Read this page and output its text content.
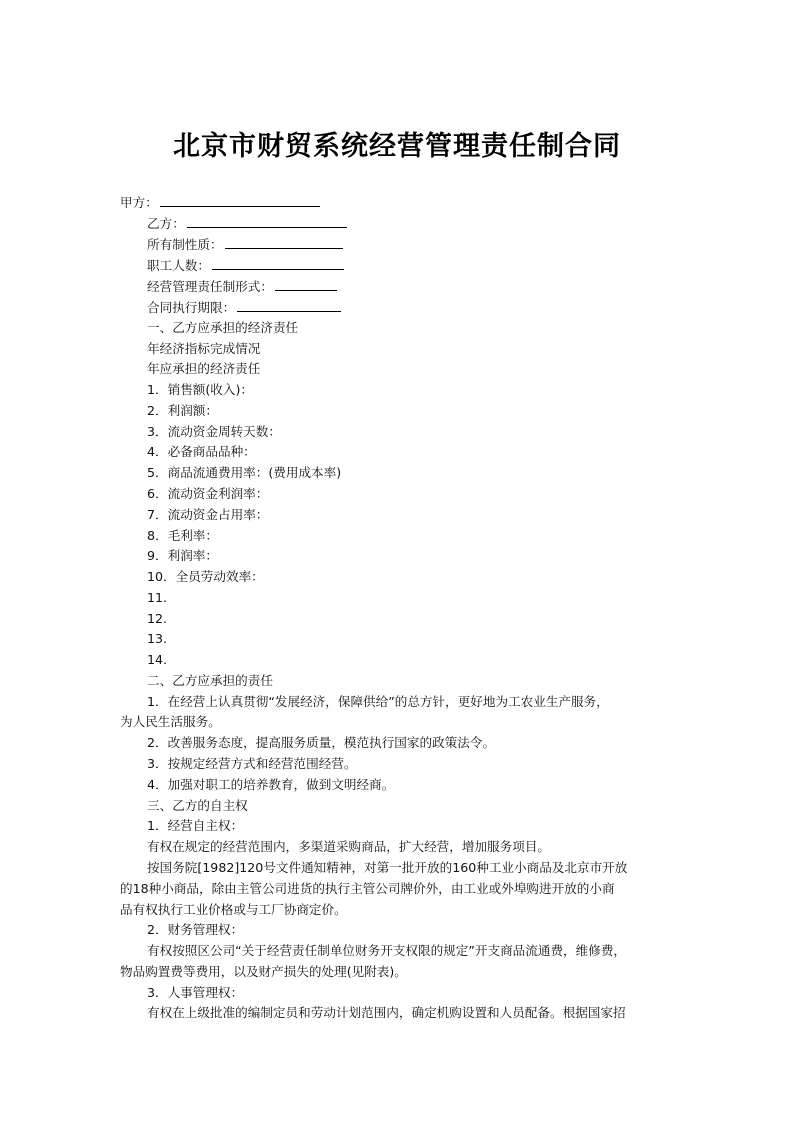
北京市财贸系统经营管理责任制合同
甲方：
乙方：
所有制性质：
职工人数：
经营管理责任制形式：
合同执行期限：
一、乙方应承担的经济责任
年经济指标完成情况
年应承担的经济责任
1．销售额(收入)：
2．利润额：
3．流动资金周转天数：
4．必备商品品种：
5．商品流通费用率：(费用成本率)
6．流动资金利润率：
7．流动资金占用率：
8．毛利率：
9．利润率：
10．全员劳动效率：
11.
12.
13.
14.
二、乙方应承担的责任
1．在经营上认真贯彻“发展经济，保障供给”的总方针，更好地为工农业生产服务，
为人民生活服务。
2．改善服务态度，提高服务质量，模范执行国家的政策法令。
3．按规定经营方式和经营范围经营。
4．加强对职工的培养教育，做到文明经商。
三、乙方的自主权
1．经营自主权：
有权在规定的经营范围内，多渠道采购商品，扩大经营，增加服务项目。
按国务院[1982]120号文件通知精神，对第一批开放的160种工业小商品及北京市开放
的18种小商品，除由主管公司进货的执行主管公司牌价外，由工业或外埠购进开放的小商
品有权执行工业价格或与工厂协商定价。
2．财务管理权：
有权按照区公司“关于经营责任制单位财务开支权限的规定”开支商品流通费，维修费，
物品购置费等费用，以及财产损失的处理(见附表)。
3．人事管理权：
有权在上级批准的编制定员和劳动计划范围内，确定机购设置和人员配备。根据国家招
